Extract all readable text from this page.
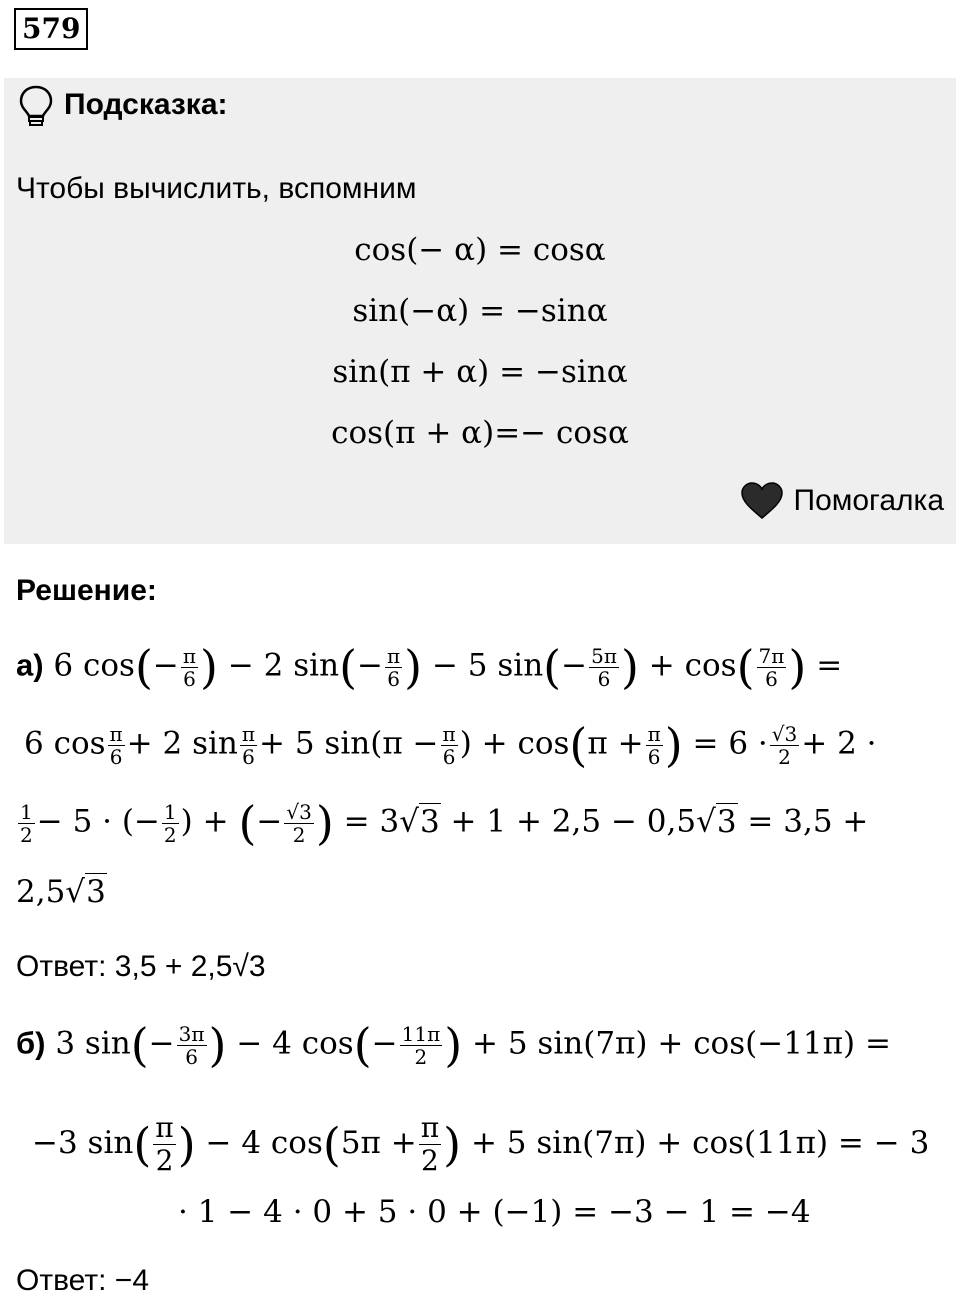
579
Подсказка:
Чтобы вычислить, вспомним
cos(− α) = cosα
sin(−α) = −sinα
sin(π + α) = −sinα
cos(π + α)=− cosα
Помогалка
Решение:
а) 6 $\cos(- \frac{\pi}{6}$ ) − 2 $\sin(- \frac{\pi}{6}$ ) − 5 $\sin(- \frac{5\pi}{6}$ ) + $\cos( \frac{7\pi}{6}$ ) =
6 $\cos \frac{\pi}{6} + 2$ $\sin \frac{\pi}{6} + 5$ $\sin(\pi - \frac{\pi}{6}$ ) + $\cos(\pi + \frac{\pi}{6}$ ) = $6 \cdot \frac{√3}{2} + 2$ ·
$\frac{1}{2} - 5$ · (− $\frac{1}{2}$ ) + (− $\frac{√3}{2}$ ) = 3√3 + 1 + 2,5 − 0,5√3 = 3,5 +
2,5√3
Ответ: 3,5 + 2,5√3
б) 3 $\sin(- \frac{3\pi}{6}$ ) − 4 $\cos(- \frac{11\pi}{2}$ ) + 5 sin(7π) + cos(−11π) =
−3 $\sin( \frac{\pi}{2}$ ) − 4 $\cos(5\pi + \frac{\pi}{2}$ ) + 5 sin(7π) + cos(11π) = − 3
· 1 − 4 · 0 + 5 · 0 + (−1) = −3 − 1 = −4
Ответ: −4
